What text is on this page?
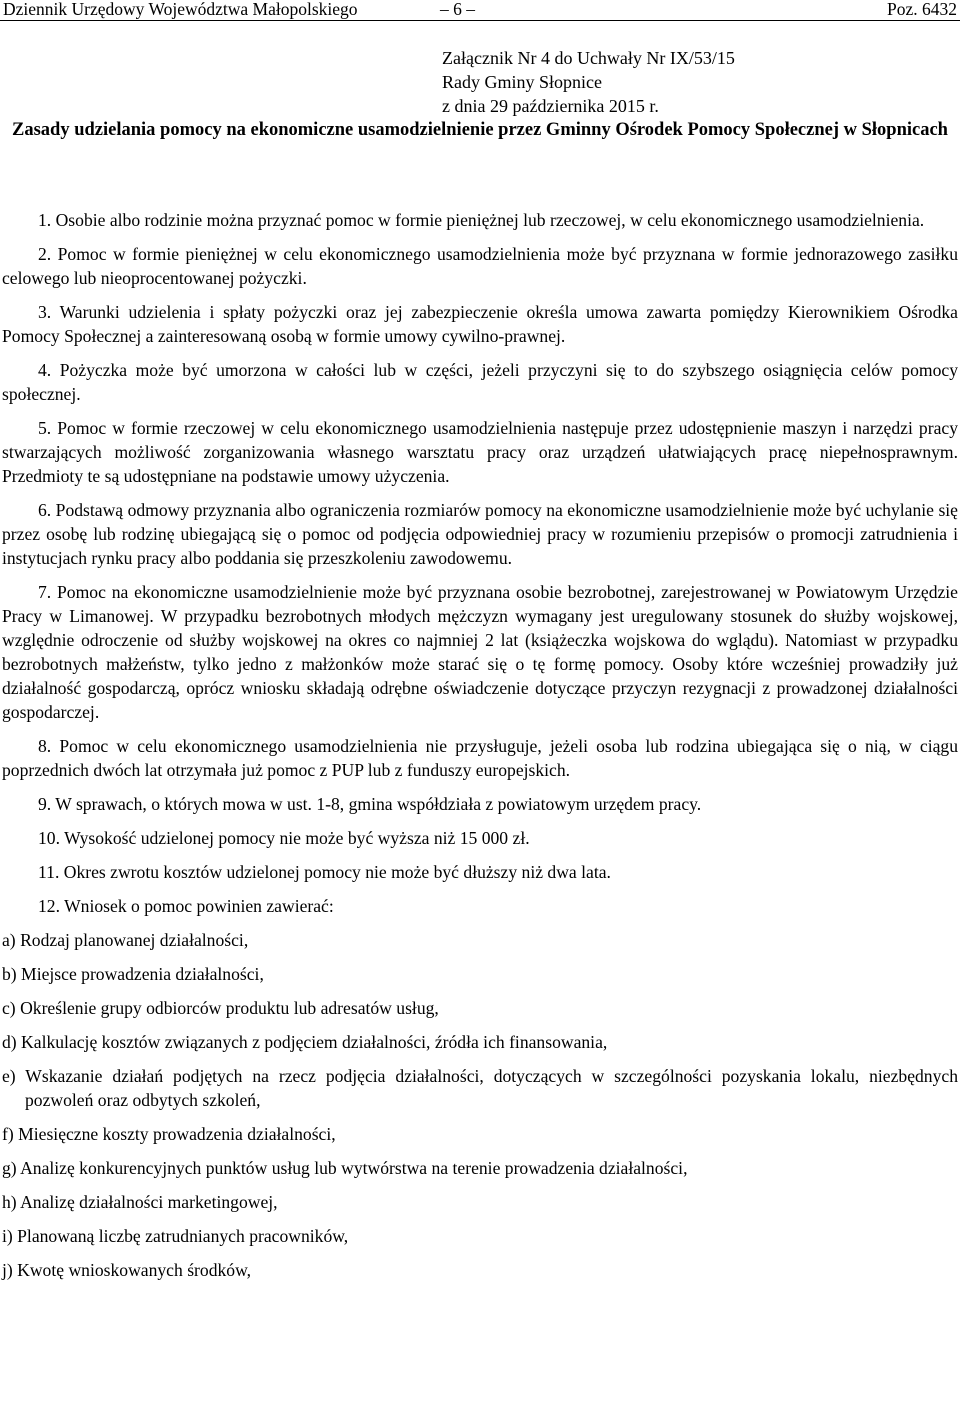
Dziennik Urzędowy Województwa Małopolskiego	– 6 –	Poz. 6432
Załącznik Nr 4 do Uchwały Nr IX/53/15
Rady Gminy Słopnice
z dnia 29 października 2015 r.
Zasady udzielania pomocy na ekonomiczne usamodzielnienie przez Gminny Ośrodek Pomocy Społecznej w Słopnicach

1. Osobie albo rodzinie można przyznać pomoc w formie pieniężnej lub rzeczowej, w celu ekonomicznego usamodzielnienia.

2. Pomoc w formie pieniężnej w celu ekonomicznego usamodzielnienia może być przyznana w formie jednorazowego zasiłku celowego lub nieoprocentowanej pożyczki.

3. Warunki udzielenia i spłaty pożyczki oraz jej zabezpieczenie określa umowa zawarta pomiędzy Kierownikiem Ośrodka Pomocy Społecznej a zainteresowaną osobą w formie umowy cywilno-prawnej.

4. Pożyczka może być umorzona w całości lub w części, jeżeli przyczyni się to do szybszego osiągnięcia celów pomocy społecznej.

5. Pomoc w formie rzeczowej w celu ekonomicznego usamodzielnienia następuje przez udostępnienie maszyn i narzędzi pracy stwarzających możliwość zorganizowania własnego warsztatu pracy oraz urządzeń ułatwiających pracę niepełnosprawnym. Przedmioty te są udostępniane na podstawie umowy użyczenia.

6. Podstawą odmowy przyznania albo ograniczenia rozmiarów pomocy na ekonomiczne usamodzielnienie może być uchylanie się przez osobę lub rodzinę ubiegającą się o pomoc od podjęcia odpowiedniej pracy w rozumieniu przepisów o promocji zatrudnienia i instytucjach rynku pracy albo poddania się przeszkoleniu zawodowemu.

7. Pomoc na ekonomiczne usamodzielnienie może być przyznana osobie bezrobotnej, zarejestrowanej w Powiatowym Urzędzie Pracy w Limanowej. W przypadku bezrobotnych młodych mężczyzn wymagany jest uregulowany stosunek do służby wojskowej, względnie odroczenie od służby wojskowej na okres co najmniej 2 lat (książeczka wojskowa do wglądu). Natomiast w przypadku bezrobotnych małżeństw, tylko jedno z małżonków może starać się o tę formę pomocy. Osoby które wcześniej prowadziły już działalność gospodarczą, oprócz wniosku składają odrębne oświadczenie dotyczące przyczyn rezygnacji z prowadzonej działalności gospodarczej.

8. Pomoc w celu ekonomicznego usamodzielnienia nie przysługuje, jeżeli osoba lub rodzina ubiegająca się o nią, w ciągu poprzednich dwóch lat otrzymała już pomoc z PUP lub z funduszy europejskich.

9. W sprawach, o których mowa w ust. 1-8, gmina współdziała z powiatowym urzędem pracy.

10. Wysokość udzielonej pomocy nie może być wyższa niż 15 000 zł.

11. Okres zwrotu kosztów udzielonej pomocy nie może być dłuższy niż dwa lata.

12. Wniosek o pomoc powinien zawierać:

a) Rodzaj planowanej działalności,
b) Miejsce prowadzenia działalności,
c) Określenie grupy odbiorców produktu lub adresatów usług,
d) Kalkulację kosztów związanych z podjęciem działalności, źródła ich finansowania,
e) Wskazanie działań podjętych na rzecz podjęcia działalności, dotyczących w szczególności pozyskania lokalu, niezbędnych pozwoleń oraz odbytych szkoleń,
f) Miesięczne koszty prowadzenia działalności,
g) Analizę konkurencyjnych punktów usług lub wytwórstwa na terenie prowadzenia działalności,
h) Analizę działalności marketingowej,
i) Planowaną liczbę zatrudnianych pracowników,
j) Kwotę wnioskowanych środków,
